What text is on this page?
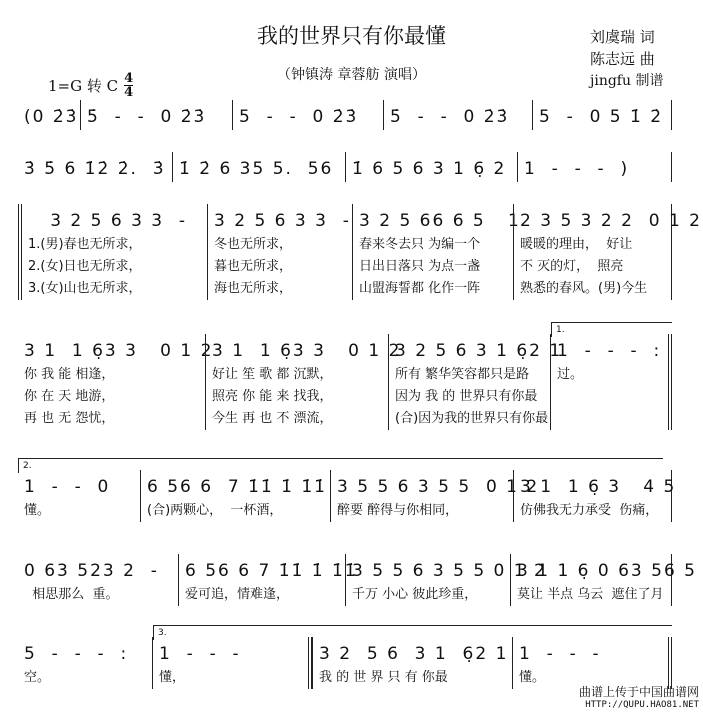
我的世界只有你最懂
（钟镇涛 章蓉舫 演唱）
刘虞瑞 词
陈志远 曲
jingfu 制谱
1=G 转 C $\frac{4}{4}$
(0 2̇3̇ 5̇  -  -  0 2̇3̇	5  -  -  0 2̇3̇	5̇  -  -  0 2̇3̇	5  -  0 5 1̇ 2̇
3̇ 5̇ 6 1̇2̇ 2̇.  3̇ 1̇ 2̇ 6 35 5.  56	1̇ 6 5 6 3 1 6̣ 2	1  -  -  -  )
3 2 5 6 3 3  -
1.(男)春也无所求，
2.(女)日也无所求，
3.(女)山也无所求，
3 2 5 6 3 3  -
冬也无所求，
暮也无所求，
海也无所求，
3 2 5 66 6 5   1
春来冬去只 为编一个
日出日落只 为点一盏
山盟海誓都 化作一阵
2 3 5 3 2 2  0 1 2
暖暖的理由，  好让
不 灭的灯，  照亮
熟悉的春风。(男)今生
3 1  1 6̣3 3   0 1 2
你 我 能 相逢，
你 在 天 地游，
再 也 无 怨忧，
3 1  1 6̣3 3   0 1 2
好让 笙 歌 都 沉默，
照亮 你 能 来 找我，
今生 再 也 不 漂流，
3 2 5 6 3 1 6̣2 1
所有 繁华笑容都只是路
因为 我 的 世界只有你最
(合)因为我的世界只有你最
1.
1  -  -  -  :
过。
2.
1  -  -  0
懂。
6 56 6  7 1̇1̇ 1̇ 1̇1̇
(合)两颗心，  一杯酒，
3 5 5 6 3 5 5  0 1 2
醉要 醉得与你相同，
3 1  1 6̣ 3   4 5
仿佛我无力承受  伤痛，
0 63 523 2  -
相思那么  重。
6 56 6 7 1̇1̇ 1̇ 1̇1̇
爱可追，情难逢，
3 5 5 6 3 5 5 0 1 2
千万 小心 彼此珍重，
3 1 1 6̣ 0 63 56 5
莫让 半点 乌云  遮住了月
5  -  -  -  :
空。
3.
1  -  -  -
懂，
3 2  5 6  3 1  6̣2 1
我 的 世 界 只 有 你最
1  -  -  -
懂。
曲谱上传于中国曲谱网
HTTP://QUPU.HAO81.NET
